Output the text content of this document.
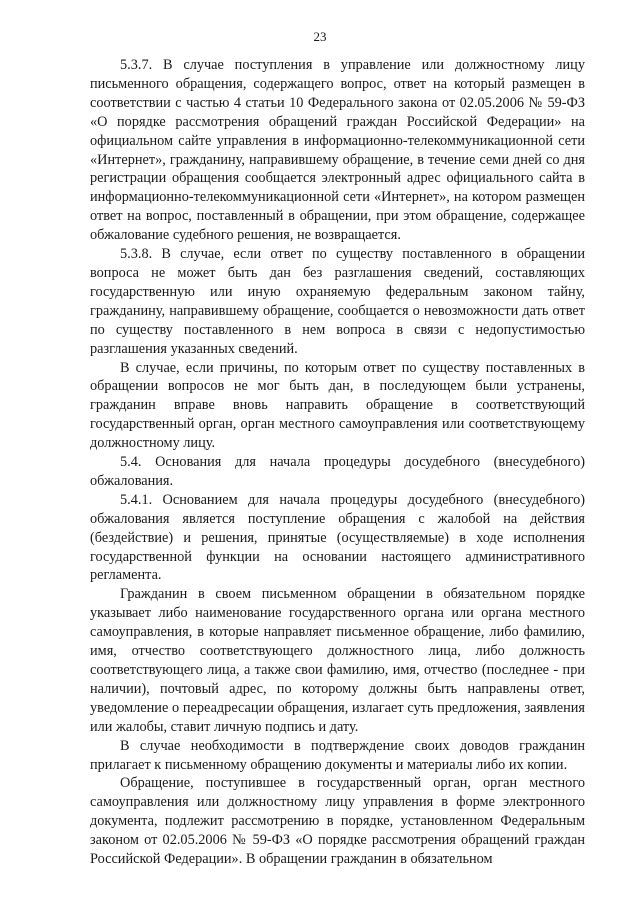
23

5.3.7. В случае поступления в управление или должностному лицу письменного обращения, содержащего вопрос, ответ на который размещен в соответствии с частью 4 статьи 10 Федерального закона от 02.05.2006 № 59-ФЗ «О порядке рассмотрения обращений граждан Российской Федерации» на официальном сайте управления в информационно-телекоммуникационной сети «Интернет», гражданину, направившему обращение, в течение семи дней со дня регистрации обращения сообщается электронный адрес официального сайта в информационно-телекоммуникационной сети «Интернет», на котором размещен ответ на вопрос, поставленный в обращении, при этом обращение, содержащее обжалование судебного решения, не возвращается.

5.3.8. В случае, если ответ по существу поставленного в обращении вопроса не может быть дан без разглашения сведений, составляющих государственную или иную охраняемую федеральным законом тайну, гражданину, направившему обращение, сообщается о невозможности дать ответ по существу поставленного в нем вопроса в связи с недопустимостью разглашения указанных сведений.

В случае, если причины, по которым ответ по существу поставленных в обращении вопросов не мог быть дан, в последующем были устранены, гражданин вправе вновь направить обращение в соответствующий государственный орган, орган местного самоуправления или соответствующему должностному лицу.

5.4. Основания для начала процедуры досудебного (внесудебного) обжалования.

5.4.1. Основанием для начала процедуры досудебного (внесудебного) обжалования является поступление обращения с жалобой на действия (бездействие) и решения, принятые (осуществляемые) в ходе исполнения государственной функции на основании настоящего административного регламента.

Гражданин в своем письменном обращении в обязательном порядке указывает либо наименование государственного органа или органа местного самоуправления, в которые направляет письменное обращение, либо фамилию, имя, отчество соответствующего должностного лица, либо должность соответствующего лица, а также свои фамилию, имя, отчество (последнее - при наличии), почтовый адрес, по которому должны быть направлены ответ, уведомление о переадресации обращения, излагает суть предложения, заявления или жалобы, ставит личную подпись и дату.

В случае необходимости в подтверждение своих доводов гражданин прилагает к письменному обращению документы и материалы либо их копии.

Обращение, поступившее в государственный орган, орган местного самоуправления или должностному лицу управления в форме электронного документа, подлежит рассмотрению в порядке, установленном Федеральным законом от 02.05.2006 № 59-ФЗ «О порядке рассмотрения обращений граждан Российской Федерации». В обращении гражданин в обязательном
